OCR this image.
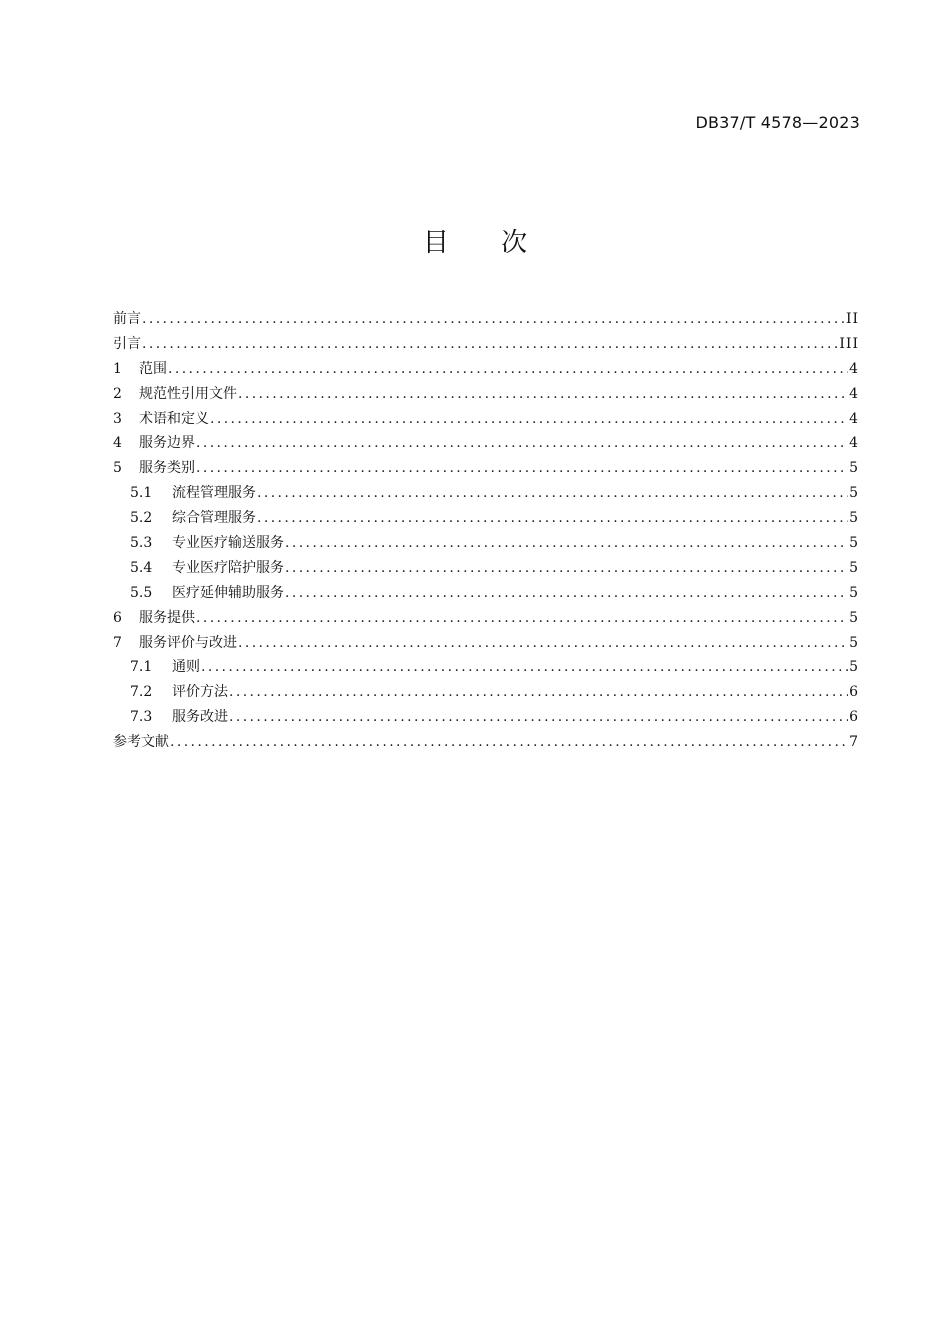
DB37/T 4578—2023
目 次
前言 .....	II
引言 .....	III
1	范围 .....	4
2	规范性引用文件 .....	4
3	术语和定义 .....	4
4	服务边界 .....	4
5	服务类别 .....	5
5.1	流程管理服务 .....	5
5.2	综合管理服务 .....	5
5.3	专业医疗输送服务 .....	5
5.4	专业医疗陪护服务 .....	5
5.5	医疗延伸辅助服务 .....	5
6	服务提供 .....	5
7	服务评价与改进 .....	5
7.1	通则 .....	5
7.2	评价方法 .....	6
7.3	服务改进 .....	6
参考文献 .....	7
